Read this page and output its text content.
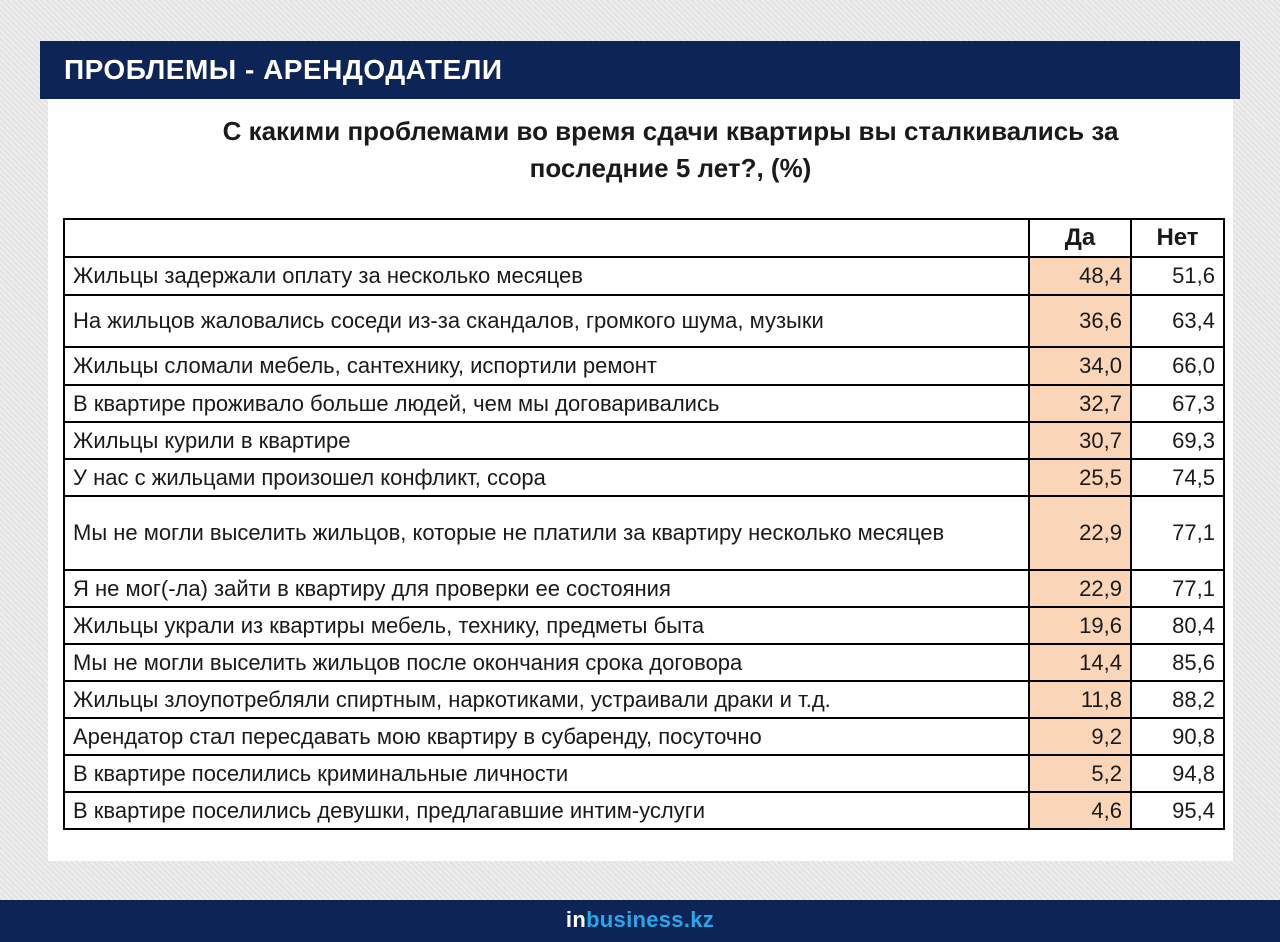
ПРОБЛЕМЫ - АРЕНДОДАТЕЛИ
С какими проблемами во время сдачи квартиры вы сталкивались за
последние 5 лет?, (%)
	Да	Нет
Жильцы задержали оплату за несколько месяцев	48,4	51,6
На жильцов жаловались соседи из-за скандалов, громкого шума, музыки	36,6	63,4
Жильцы сломали мебель, сантехнику, испортили ремонт	34,0	66,0
В квартире проживало больше людей, чем мы договаривались	32,7	67,3
Жильцы курили в квартире	30,7	69,3
У нас с жильцами произошел конфликт, ссора	25,5	74,5
Мы не могли выселить жильцов, которые не платили за квартиру несколько месяцев	22,9	77,1
Я не мог(-ла) зайти в квартиру для проверки ее состояния	22,9	77,1
Жильцы украли из квартиры мебель, технику, предметы быта	19,6	80,4
Мы не могли выселить жильцов после окончания срока договора	14,4	85,6
Жильцы злоупотребляли спиртным, наркотиками, устраивали драки и т.д.	11,8	88,2
Арендатор стал пересдавать мою квартиру в субаренду, посуточно	9,2	90,8
В квартире поселились криминальные личности	5,2	94,8
В квартире поселились девушки, предлагавшие интим-услуги	4,6	95,4
inbusiness.kz
